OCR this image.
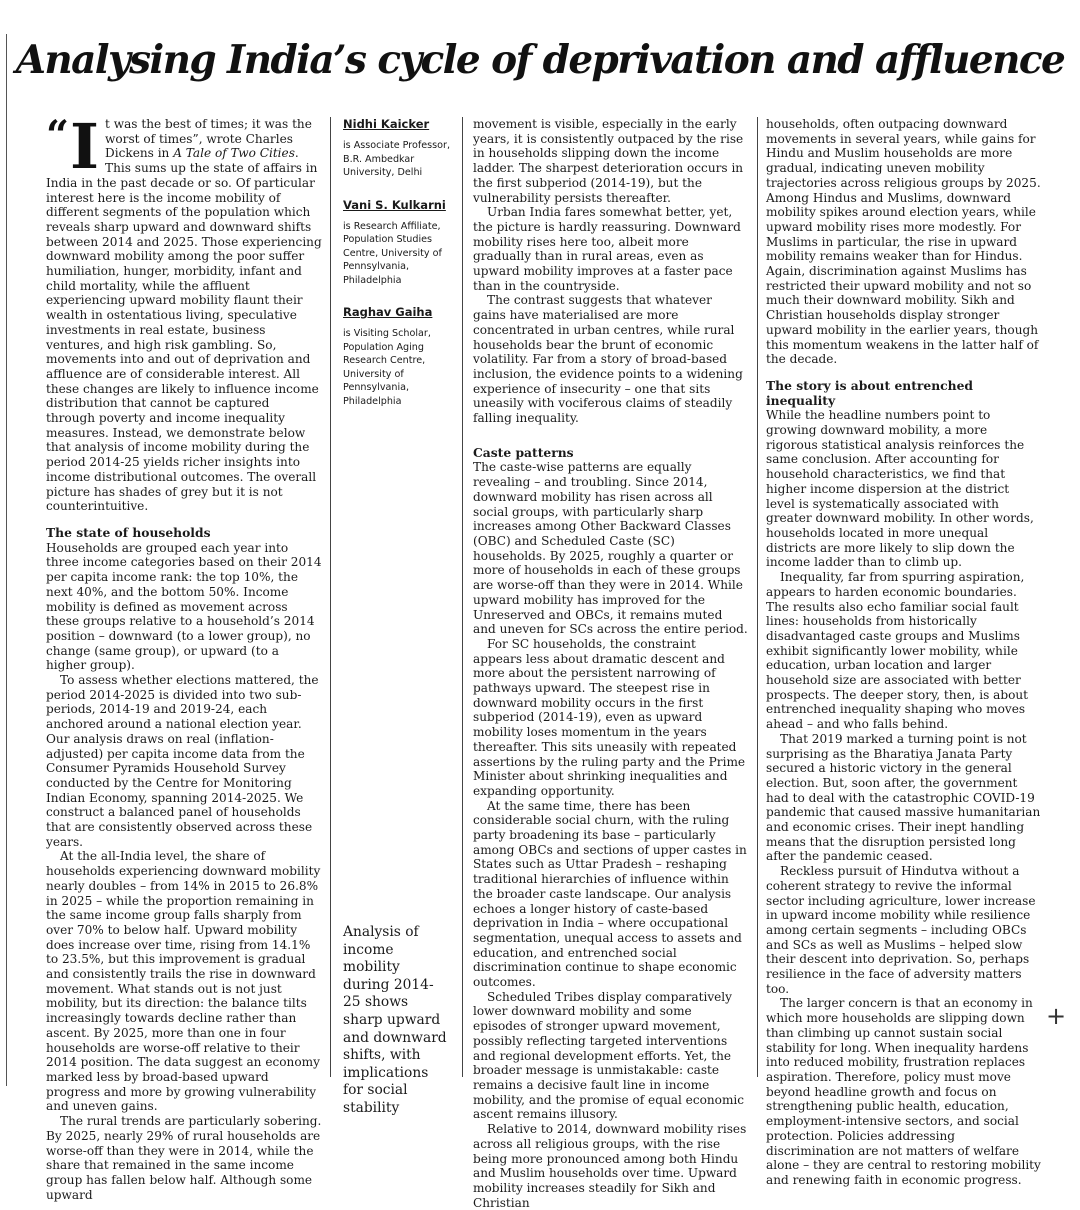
Analysing India’s cycle of deprivation and affluence

“I t was the best of times; it was the worst of times”, wrote Charles Dickens in A Tale of Two Cities. This sums up the state of affairs in India in the past decade or so. Of particular interest here is the income mobility of different segments of the population which reveals sharp upward and downward shifts between 2014 and 2025. Those experiencing downward mobility among the poor suffer humiliation, hunger, morbidity, infant and child mortality, while the affluent experiencing upward mobility flaunt their wealth in ostentatious living, speculative investments in real estate, business ventures, and high risk gambling. So, movements into and out of deprivation and affluence are of considerable interest. All these changes are likely to influence income distribution that cannot be captured through poverty and income inequality measures. Instead, we demonstrate below that analysis of income mobility during the period 2014-25 yields richer insights into income distributional outcomes. The overall picture has shades of grey but it is not counterintuitive.

The state of households

Households are grouped each year into three income categories based on their 2014 per capita income rank: the top 10%, the next 40%, and the bottom 50%. Income mobility is defined as movement across these groups relative to a household’s 2014 position – downward (to a lower group), no change (same group), or upward (to a higher group).

To assess whether elections mattered, the period 2014-2025 is divided into two sub-periods, 2014-19 and 2019-24, each anchored around a national election year. Our analysis draws on real (inflation-adjusted) per capita income data from the Consumer Pyramids Household Survey conducted by the Centre for Monitoring Indian Economy, spanning 2014-2025. We construct a balanced panel of households that are consistently observed across these years.

At the all-India level, the share of households experiencing downward mobility nearly doubles – from 14% in 2015 to 26.8% in 2025 – while the proportion remaining in the same income group falls sharply from over 70% to below half. Upward mobility does increase over time, rising from 14.1% to 23.5%, but this improvement is gradual and consistently trails the rise in downward movement. What stands out is not just mobility, but its direction: the balance tilts increasingly towards decline rather than ascent. By 2025, more than one in four households are worse-off relative to their 2014 position. The data suggest an economy marked less by broad-based upward progress and more by growing vulnerability and uneven gains.

The rural trends are particularly sobering. By 2025, nearly 29% of rural households are worse-off than they were in 2014, while the share that remained in the same income group has fallen below half. Although some upward

Nidhi Kaicker
is Associate Professor, B.R. Ambedkar University, Delhi
Vani S. Kulkarni
is Research Affiliate, Population Studies Centre, University of Pennsylvania, Philadelphia
Raghav Gaiha
is Visiting Scholar, Population Aging Research Centre, University of Pennsylvania, Philadelphia
Analysis of income mobility during 2014-25 shows sharp upward and downward shifts, with implications for social stability

movement is visible, especially in the early years, it is consistently outpaced by the rise in households slipping down the income ladder. The sharpest deterioration occurs in the first subperiod (2014-19), but the vulnerability persists thereafter.

Urban India fares somewhat better, yet, the picture is hardly reassuring. Downward mobility rises here too, albeit more gradually than in rural areas, even as upward mobility improves at a faster pace than in the countryside.

The contrast suggests that whatever gains have materialised are more concentrated in urban centres, while rural households bear the brunt of economic volatility. Far from a story of broad-based inclusion, the evidence points to a widening experience of insecurity – one that sits uneasily with vociferous claims of steadily falling inequality.

Caste patterns

The caste-wise patterns are equally revealing – and troubling. Since 2014, downward mobility has risen across all social groups, with particularly sharp increases among Other Backward Classes (OBC) and Scheduled Caste (SC) households. By 2025, roughly a quarter or more of households in each of these groups are worse-off than they were in 2014. While upward mobility has improved for the Unreserved and OBCs, it remains muted and uneven for SCs across the entire period.

For SC households, the constraint appears less about dramatic descent and more about the persistent narrowing of pathways upward. The steepest rise in downward mobility occurs in the first subperiod (2014-19), even as upward mobility loses momentum in the years thereafter. This sits uneasily with repeated assertions by the ruling party and the Prime Minister about shrinking inequalities and expanding opportunity.

At the same time, there has been considerable social churn, with the ruling party broadening its base – particularly among OBCs and sections of upper castes in States such as Uttar Pradesh – reshaping traditional hierarchies of influence within the broader caste landscape. Our analysis echoes a longer history of caste-based deprivation in India – where occupational segmentation, unequal access to assets and education, and entrenched social discrimination continue to shape economic outcomes.

Scheduled Tribes display comparatively lower downward mobility and some episodes of stronger upward movement, possibly reflecting targeted interventions and regional development efforts. Yet, the broader message is unmistakable: caste remains a decisive fault line in income mobility, and the promise of equal economic ascent remains illusory.

Relative to 2014, downward mobility rises across all religious groups, with the rise being more pronounced among both Hindu and Muslim households over time. Upward mobility increases steadily for Sikh and Christian

households, often outpacing downward movements in several years, while gains for Hindu and Muslim households are more gradual, indicating uneven mobility trajectories across religious groups by 2025. Among Hindus and Muslims, downward mobility spikes around election years, while upward mobility rises more modestly. For Muslims in particular, the rise in upward mobility remains weaker than for Hindus. Again, discrimination against Muslims has restricted their upward mobility and not so much their downward mobility. Sikh and Christian households display stronger upward mobility in the earlier years, though this momentum weakens in the latter half of the decade.

The story is about entrenched inequality

While the headline numbers point to growing downward mobility, a more rigorous statistical analysis reinforces the same conclusion. After accounting for household characteristics, we find that higher income dispersion at the district level is systematically associated with greater downward mobility. In other words, households located in more unequal districts are more likely to slip down the income ladder than to climb up.

Inequality, far from spurring aspiration, appears to harden economic boundaries. The results also echo familiar social fault lines: households from historically disadvantaged caste groups and Muslims exhibit significantly lower mobility, while education, urban location and larger household size are associated with better prospects. The deeper story, then, is about entrenched inequality shaping who moves ahead – and who falls behind.

That 2019 marked a turning point is not surprising as the Bharatiya Janata Party secured a historic victory in the general election. But, soon after, the government had to deal with the catastrophic COVID-19 pandemic that caused massive humanitarian and economic crises. Their inept handling means that the disruption persisted long after the pandemic ceased.

Reckless pursuit of Hindutva without a coherent strategy to revive the informal sector including agriculture, lower increase in upward income mobility while resilience among certain segments – including OBCs and SCs as well as Muslims – helped slow their descent into deprivation. So, perhaps resilience in the face of adversity matters too.

The larger concern is that an economy in which more households are slipping down than climbing up cannot sustain social stability for long. When inequality hardens into reduced mobility, frustration replaces aspiration. Therefore, policy must move beyond headline growth and focus on strengthening public health, education, employment-intensive sectors, and social protection. Policies addressing discrimination are not matters of welfare alone – they are central to restoring mobility and renewing faith in economic progress.

+
